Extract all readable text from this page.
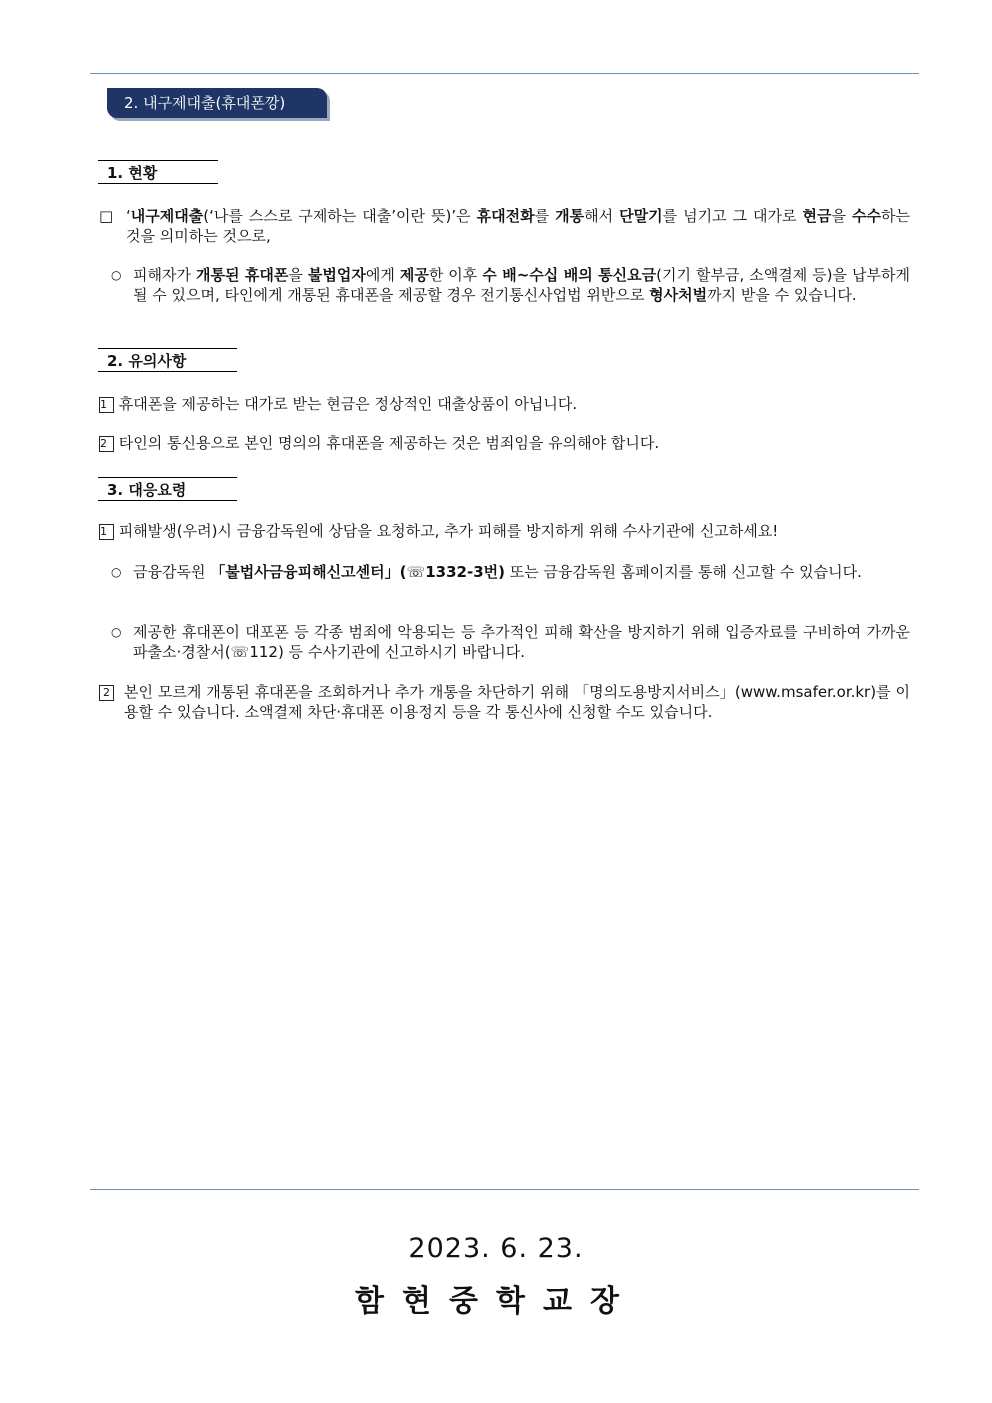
2. 내구제대출(휴대폰깡)
1. 현황
□ ‘내구제대출(‘나를 스스로 구제하는 대출’이란 뜻)’은 휴대전화를 개통해서 단말기를 넘기고 그 대가로 현금을 수수하는 것을 의미하는 것으로,
○ 피해자가 개통된 휴대폰을 불법업자에게 제공한 이후 수 배~수십 배의 통신요금(기기 할부금, 소액결제 등)을 납부하게 될 수 있으며, 타인에게 개통된 휴대폰을 제공할 경우 전기통신사업법 위반으로 형사처벌까지 받을 수 있습니다.
2. 유의사항
1 휴대폰을 제공하는 대가로 받는 현금은 정상적인 대출상품이 아닙니다.
2 타인의 통신용으로 본인 명의의 휴대폰을 제공하는 것은 범죄임을 유의해야 합니다.
3. 대응요령
1 피해발생(우려)시 금융감독원에 상담을 요청하고, 추가 피해를 방지하게 위해 수사기관에 신고하세요!
○ 금융감독원 「불법사금융피해신고센터」(☏1332-3번) 또는 금융감독원 홈페이지를 통해 신고할 수 있습니다.
○ 제공한 휴대폰이 대포폰 등 각종 범죄에 악용되는 등 추가적인 피해 확산을 방지하기 위해 입증자료를 구비하여 가까운 파출소·경찰서(☏112) 등 수사기관에 신고하시기 바랍니다.
2 본인 모르게 개통된 휴대폰을 조회하거나 추가 개통을 차단하기 위해 「명의도용방지서비스」(www.msafer.or.kr)를 이용할 수 있습니다. 소액결제 차단·휴대폰 이용정지 등을 각 통신사에 신청할 수도 있습니다.
2023. 6. 23.
함현중학교장
